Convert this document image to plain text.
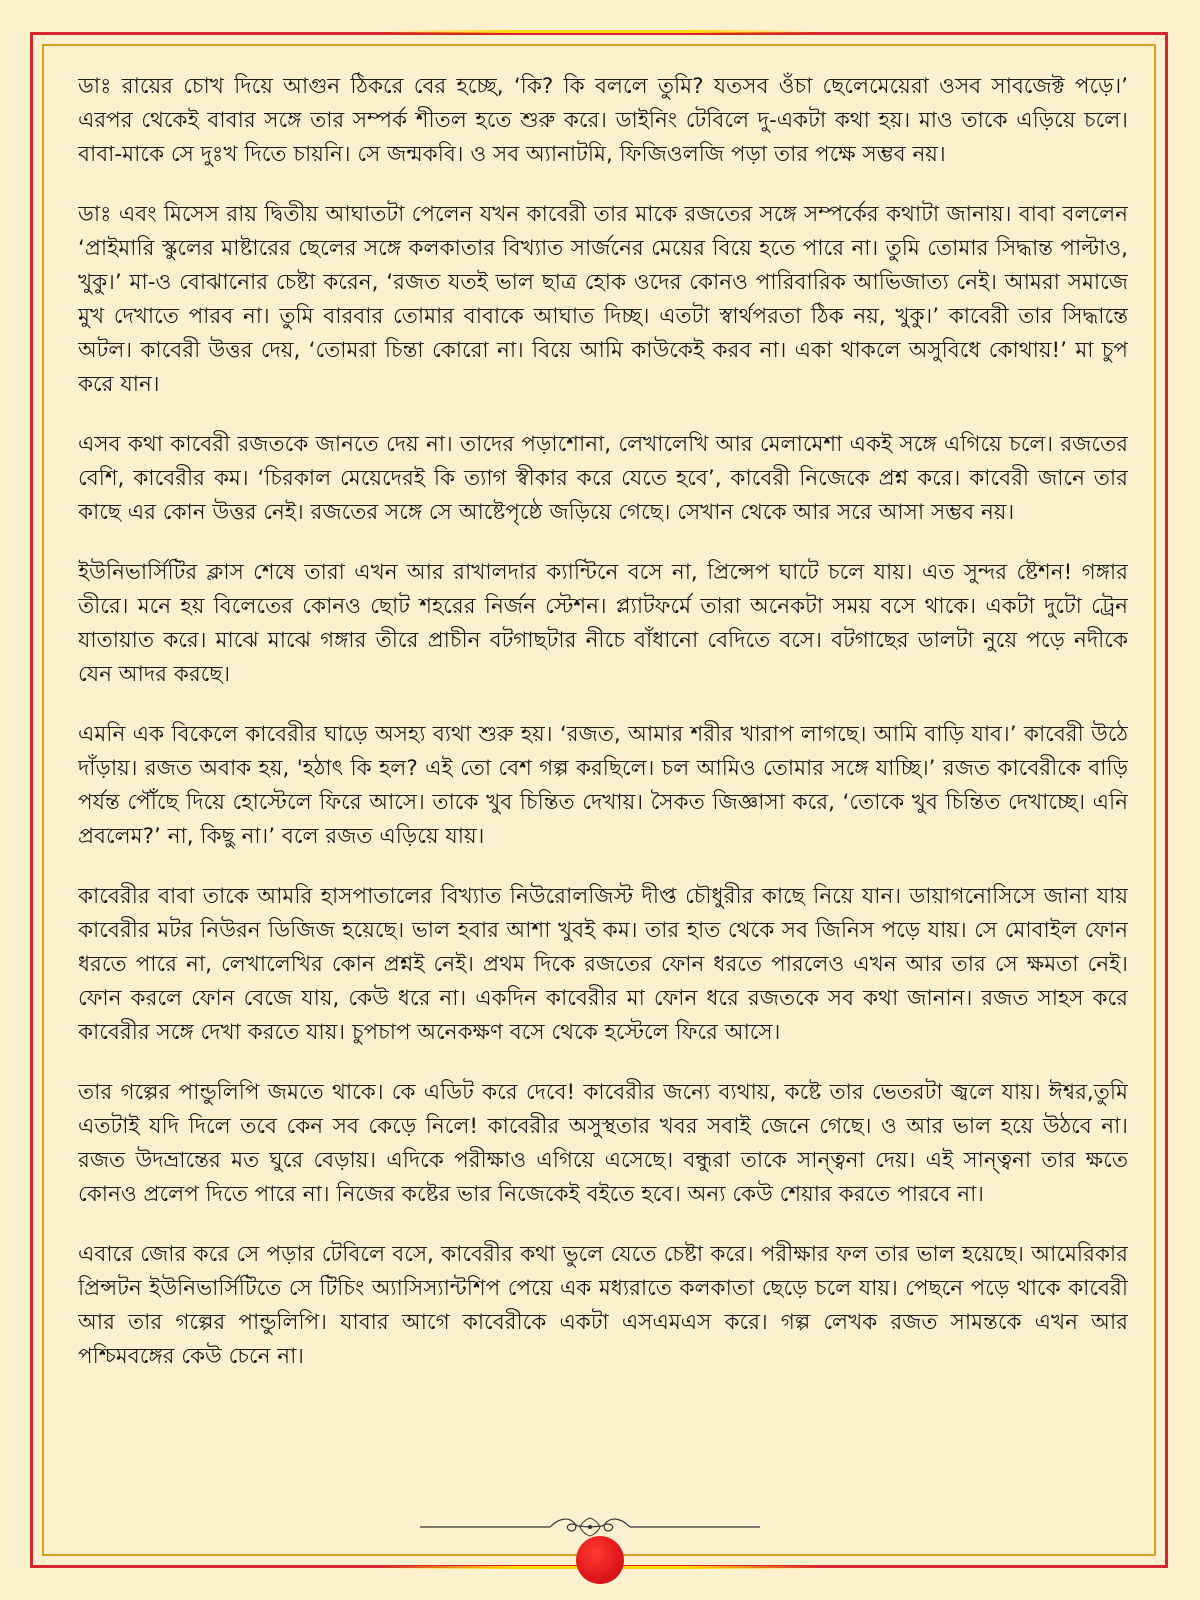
ডাঃ রায়ের চোখ দিয়ে আগুন ঠিকরে বের হচ্ছে, ‘কি? কি বললে তুমি? যতসব ওঁচা ছেলেমেয়েরা ওসব সাবজেক্ট পড়ে।’ এরপর থেকেই বাবার সঙ্গে তার সম্পর্ক শীতল হতে শুরু করে। ডাইনিং টেবিলে দু-একটা কথা হয়। মাও তাকে এড়িয়ে চলে। বাবা-মাকে সে দুঃখ দিতে চায়নি। সে জন্মকবি। ও সব অ্যানাটমি, ফিজিওলজি পড়া তার পক্ষে সম্ভব নয়।

ডাঃ এবং মিসেস রায় দ্বিতীয় আঘাতটা পেলেন যখন কাবেরী তার মাকে রজতের সঙ্গে সম্পর্কের কথাটা জানায়। বাবা বললেন ‘প্রাইমারি স্কুলের মাষ্টারের ছেলের সঙ্গে কলকাতার বিখ্যাত সার্জনের মেয়ের বিয়ে হতে পারে না। তুমি তোমার সিদ্ধান্ত পাল্টাও, খুকু।’ মা-ও বোঝানোর চেষ্টা করেন, ‘রজত যতই ভাল ছাত্র হোক ওদের কোনও পারিবারিক আভিজাত্য নেই। আমরা সমাজে মুখ দেখাতে পারব না। তুমি বারবার তোমার বাবাকে আঘাত দিচ্ছ। এতটা স্বার্থপরতা ঠিক নয়, খুকু।’ কাবেরী তার সিদ্ধান্তে অটল। কাবেরী উত্তর দেয়, ‘তোমরা চিন্তা কোরো না। বিয়ে আমি কাউকেই করব না। একা থাকলে অসুবিধে কোথায়!’ মা চুপ করে যান।

এসব কথা কাবেরী রজতকে জানতে দেয় না। তাদের পড়াশোনা, লেখালেখি আর মেলামেশা একই সঙ্গে এগিয়ে চলে। রজতের বেশি, কাবেরীর কম। ‘চিরকাল মেয়েদেরই কি ত্যাগ স্বীকার করে যেতে হবে’, কাবেরী নিজেকে প্রশ্ন করে। কাবেরী জানে তার কাছে এর কোন উত্তর নেই। রজতের সঙ্গে সে আষ্টেপৃষ্ঠে জড়িয়ে গেছে। সেখান থেকে আর সরে আসা সম্ভব নয়।

ইউনিভার্সিটির ক্লাস শেষে তারা এখন আর রাখালদার ক্যান্টিনে বসে না, প্রিন্সেপ ঘাটে চলে যায়। এত সুন্দর ষ্টেশন! গঙ্গার তীরে। মনে হয় বিলেতের কোনও ছোট শহরের নির্জন স্টেশন। প্ল্যাটফর্মে তারা অনেকটা সময় বসে থাকে। একটা দুটো ট্রেন যাতায়াত করে। মাঝে মাঝে গঙ্গার তীরে প্রাচীন বটগাছটার নীচে বাঁধানো বেদিতে বসে। বটগাছের ডালটা নুয়ে পড়ে নদীকে যেন আদর করছে।

এমনি এক বিকেলে কাবেরীর ঘাড়ে অসহ্য ব্যথা শুরু হয়। ‘রজত, আমার শরীর খারাপ লাগছে। আমি বাড়ি যাব।’ কাবেরী উঠে দাঁড়ায়। রজত অবাক হয়, 'হঠাৎ কি হল? এই তো বেশ গল্প করছিলে। চল আমিও তোমার সঙ্গে যাচ্ছি।’ রজত কাবেরীকে বাড়ি পর্যন্ত পৌঁছে দিয়ে হোস্টেলে ফিরে আসে। তাকে খুব চিন্তিত দেখায়। সৈকত জিজ্ঞাসা করে, ‘তোকে খুব চিন্তিত দেখাচ্ছে। এনি প্রবলেম?’ না, কিছু না।’ বলে রজত এড়িয়ে যায়।

কাবেরীর বাবা তাকে আমরি হাসপাতালের বিখ্যাত নিউরোলজিস্ট দীপ্ত চৌধুরীর কাছে নিয়ে যান। ডায়াগনোসিসে জানা যায় কাবেরীর মটর নিউরন ডিজিজ হয়েছে। ভাল হবার আশা খুবই কম। তার হাত থেকে সব জিনিস পড়ে যায়। সে মোবাইল ফোন ধরতে পারে না, লেখালেখির কোন প্রশ্নই নেই। প্রথম দিকে রজতের ফোন ধরতে পারলেও এখন আর তার সে ক্ষমতা নেই। ফোন করলে ফোন বেজে যায়, কেউ ধরে না। একদিন কাবেরীর মা ফোন ধরে রজতকে সব কথা জানান। রজত সাহস করে কাবেরীর সঙ্গে দেখা করতে যায়। চুপচাপ অনেকক্ষণ বসে থেকে হস্টেলে ফিরে আসে।

তার গল্পের পান্ডুলিপি জমতে থাকে। কে এডিট করে দেবে! কাবেরীর জন্যে ব্যথায়, কষ্টে তার ভেতরটা জ্বলে যায়। ঈশ্বর,তুমি এতটাই যদি দিলে তবে কেন সব কেড়ে নিলে! কাবেরীর অসুস্থতার খবর সবাই জেনে গেছে। ও আর ভাল হয়ে উঠবে না। রজত উদভ্রান্তের মত ঘুরে বেড়ায়। এদিকে পরীক্ষাও এগিয়ে এসেছে। বন্ধুরা তাকে সান্ত্বনা দেয়। এই সান্ত্বনা তার ক্ষতে কোনও প্রলেপ দিতে পারে না। নিজের কষ্টের ভার নিজেকেই বইতে হবে। অন্য কেউ শেয়ার করতে পারবে না।

এবারে জোর করে সে পড়ার টেবিলে বসে, কাবেরীর কথা ভুলে যেতে চেষ্টা করে। পরীক্ষার ফল তার ভাল হয়েছে। আমেরিকার প্রিন্সটন ইউনিভার্সিটিতে সে টিচিং অ্যাসিস্যান্টশিপ পেয়ে এক মধ্যরাতে কলকাতা ছেড়ে চলে যায়। পেছনে পড়ে থাকে কাবেরী আর তার গল্পের পান্ডুলিপি। যাবার আগে কাবেরীকে একটা এসএমএস করে। গল্প লেখক রজত সামন্তকে এখন আর পশ্চিমবঙ্গের কেউ চেনে না।
